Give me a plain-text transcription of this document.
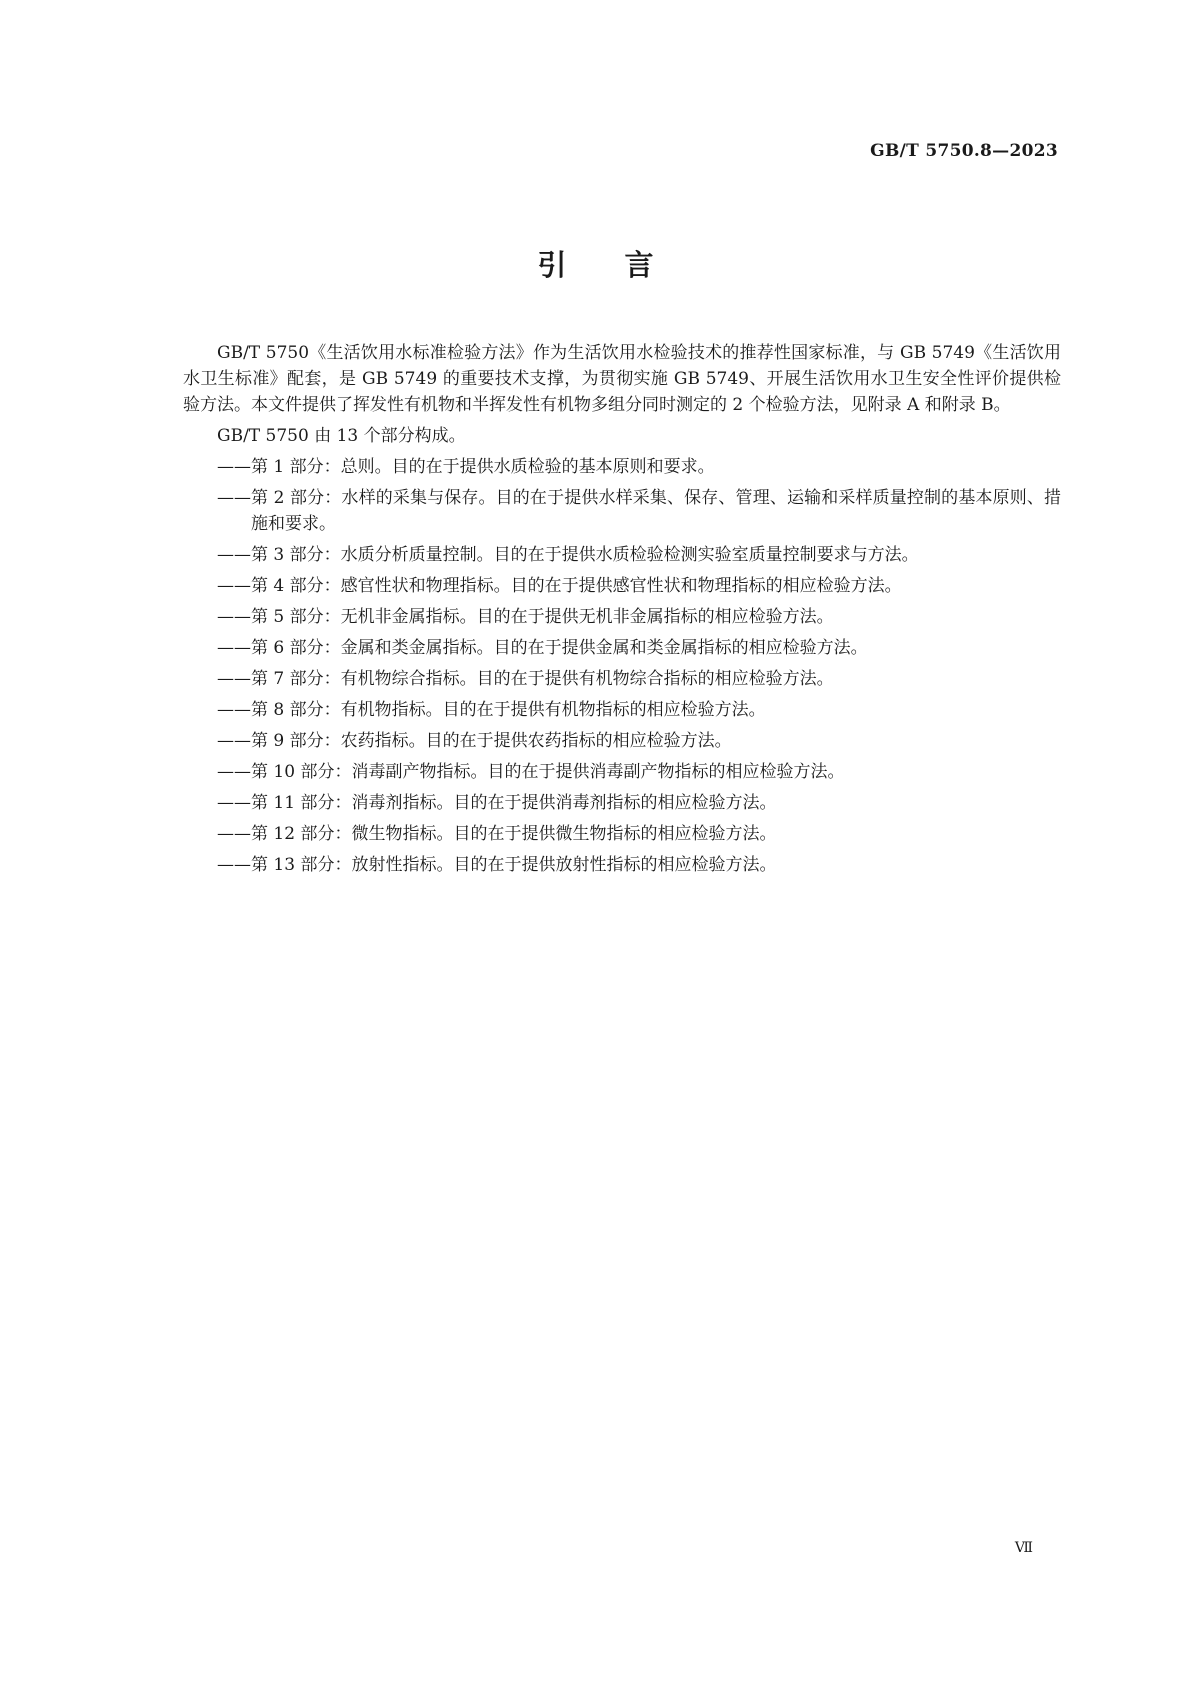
GB/T 5750.8—2023
引言

GB/T 5750《生活饮用水标准检验方法》作为生活饮用水检验技术的推荐性国家标准，与 GB 5749《生活饮用水卫生标准》配套，是 GB 5749 的重要技术支撑，为贯彻实施 GB 5749、开展生活饮用水卫生安全性评价提供检验方法。本文件提供了挥发性有机物和半挥发性有机物多组分同时测定的 2 个检验方法，见附录 A 和附录 B。

GB/T 5750 由 13 个部分构成。

—— 第 1 部分：总则。目的在于提供水质检验的基本原则和要求。
—— 第 2 部分：水样的采集与保存。目的在于提供水样采集、保存、管理、运输和采样质量控制的基本原则、措施和要求。
—— 第 3 部分：水质分析质量控制。目的在于提供水质检验检测实验室质量控制要求与方法。
—— 第 4 部分：感官性状和物理指标。目的在于提供感官性状和物理指标的相应检验方法。
—— 第 5 部分：无机非金属指标。目的在于提供无机非金属指标的相应检验方法。
—— 第 6 部分：金属和类金属指标。目的在于提供金属和类金属指标的相应检验方法。
—— 第 7 部分：有机物综合指标。目的在于提供有机物综合指标的相应检验方法。
—— 第 8 部分：有机物指标。目的在于提供有机物指标的相应检验方法。
—— 第 9 部分：农药指标。目的在于提供农药指标的相应检验方法。
—— 第 10 部分：消毒副产物指标。目的在于提供消毒副产物指标的相应检验方法。
—— 第 11 部分：消毒剂指标。目的在于提供消毒剂指标的相应检验方法。
—— 第 12 部分：微生物指标。目的在于提供微生物指标的相应检验方法。
—— 第 13 部分：放射性指标。目的在于提供放射性指标的相应检验方法。
Ⅶ
